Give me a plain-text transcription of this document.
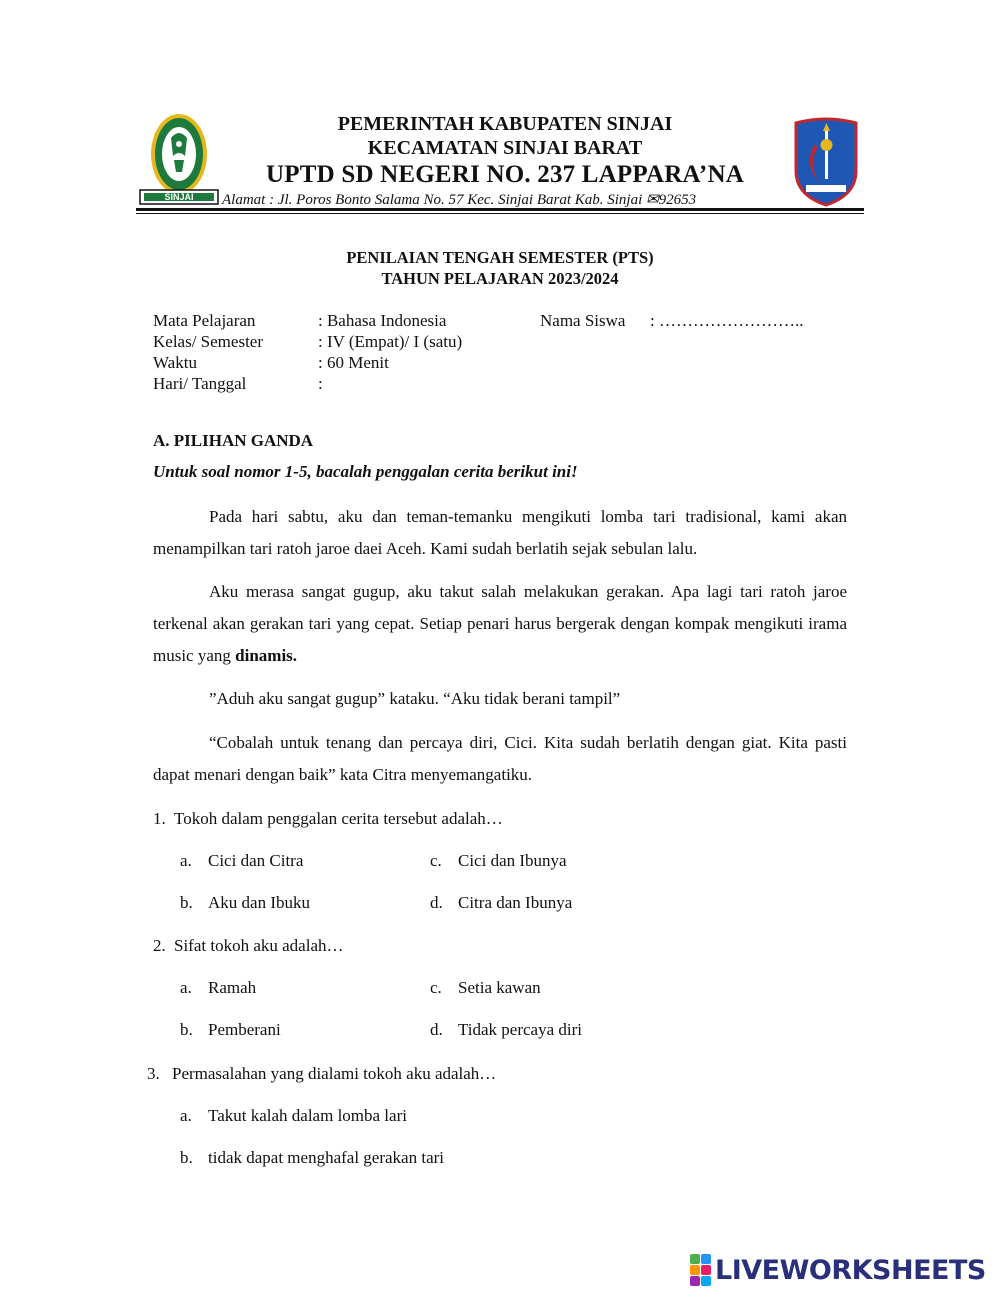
SINJAI
PEMERINTAH KABUPATEN SINJAI
KECAMATAN SINJAI BARAT
UPTD SD NEGERI NO. 237 LAPPARA’NA
Alamat : Jl. Poros Bonto Salama No. 57 Kec. Sinjai Barat Kab. Sinjai ✉92653
PENILAIAN TENGAH SEMESTER (PTS)
TAHUN PELAJARAN 2023/2024
Mata Pelajaran	: Bahasa Indonesia	Nama Siswa : ……………………..
Kelas/ Semester	: IV (Empat)/ I (satu)
Waktu	: 60 Menit
Hari/ Tanggal	:
A. PILIHAN GANDA
Untuk soal nomor 1-5, bacalah penggalan cerita berikut ini!

Pada hari sabtu, aku dan teman-temanku mengikuti lomba tari tradisional, kami akan menampilkan tari ratoh jaroe daei Aceh. Kami sudah berlatih sejak sebulan lalu.

Aku merasa sangat gugup, aku takut salah melakukan gerakan. Apa lagi tari ratoh jaroe terkenal akan gerakan tari yang cepat. Setiap penari harus bergerak dengan kompak mengikuti irama music yang dinamis.

”Aduh aku sangat gugup” kataku. “Aku tidak berani tampil”

“Cobalah untuk tenang dan percaya diri, Cici. Kita sudah berlatih dengan giat. Kita pasti dapat menari dengan baik” kata Citra menyemangatiku.

1. Tokoh dalam penggalan cerita tersebut adalah…
a. Cici dan Citra	c. Cici dan Ibunya
b. Aku dan Ibuku	d. Citra dan Ibunya
2. Sifat tokoh aku adalah…
a. Ramah	c. Setia kawan
b. Pemberani	d. Tidak percaya diri
3. Permasalahan yang dialami tokoh aku adalah…
a. Takut kalah dalam lomba lari
b. tidak dapat menghafal gerakan tari
LIVEWORKSHEETS
